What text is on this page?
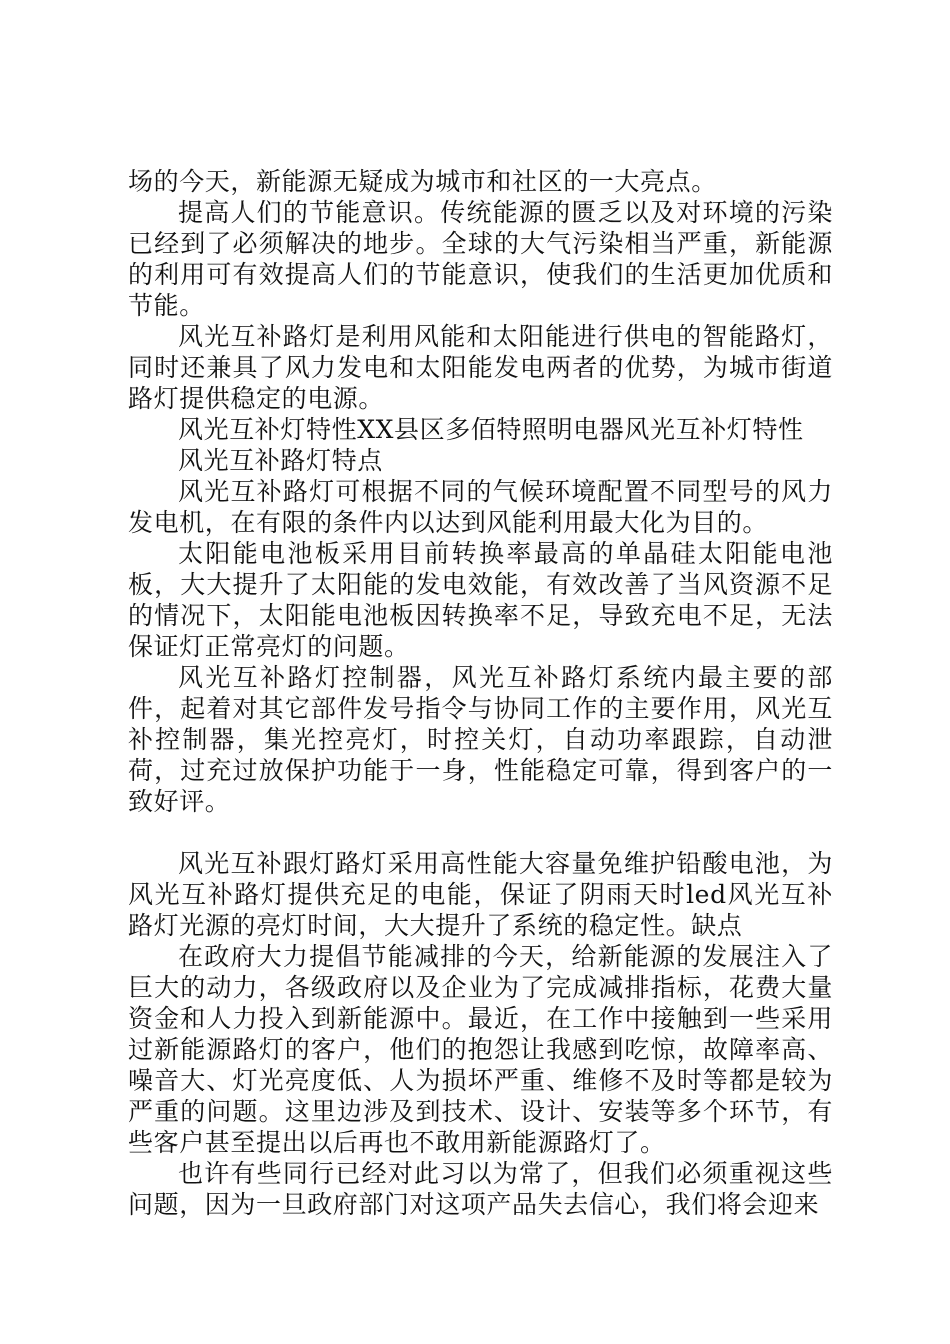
场的今天，新能源无疑成为城市和社区的一大亮点。

提高人们的节能意识。传统能源的匮乏以及对环境的污染已经到了必须解决的地步。全球的大气污染相当严重，新能源的利用可有效提高人们的节能意识，使我们的生活更加优质和节能。

风光互补路灯是利用风能和太阳能进行供电的智能路灯，同时还兼具了风力发电和太阳能发电两者的优势，为城市街道路灯提供稳定的电源。

风光互补灯特性XX县区多佰特照明电器风光互补灯特性

风光互补路灯特点

风光互补路灯可根据不同的气候环境配置不同型号的风力发电机，在有限的条件内以达到风能利用最大化为目的。

太阳能电池板采用目前转换率最高的单晶硅太阳能电池板，大大提升了太阳能的发电效能，有效改善了当风资源不足的情况下，太阳能电池板因转换率不足，导致充电不足，无法保证灯正常亮灯的问题。

风光互补路灯控制器，风光互补路灯系统内最主要的部件，起着对其它部件发号指令与协同工作的主要作用，风光互补控制器，集光控亮灯，时控关灯，自动功率跟踪，自动泄荷，过充过放保护功能于一身，性能稳定可靠，得到客户的一致好评。

风光互补跟灯路灯采用高性能大容量免维护铅酸电池，为风光互补路灯提供充足的电能，保证了阴雨天时led风光互补路灯光源的亮灯时间，大大提升了系统的稳定性。缺点

在政府大力提倡节能减排的今天，给新能源的发展注入了巨大的动力，各级政府以及企业为了完成减排指标，花费大量资金和人力投入到新能源中。最近，在工作中接触到一些采用过新能源路灯的客户，他们的抱怨让我感到吃惊，故障率高、噪音大、灯光亮度低、人为损坏严重、维修不及时等都是较为严重的问题。这里边涉及到技术、设计、安装等多个环节，有些客户甚至提出以后再也不敢用新能源路灯了。

也许有些同行已经对此习以为常了，但我们必须重视这些问题，因为一旦政府部门对这项产品失去信心，我们将会迎来
